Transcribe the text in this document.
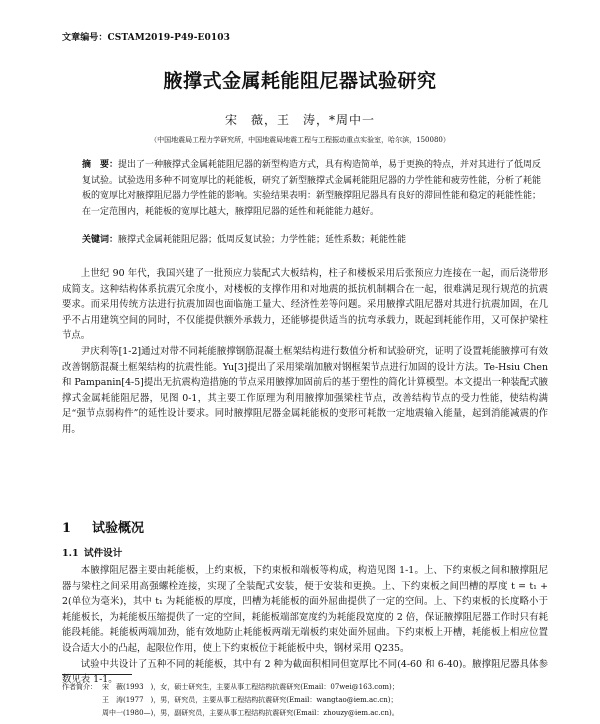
文章编号：CSTAM2019-P49-E0103
腋撑式金属耗能阻尼器试验研究
宋　薇，王　涛，*周中一
（中国地震局工程力学研究所，中国地震局地震工程与工程振动重点实验室，哈尔滨，150080）
摘　要：提出了一种腋撑式金属耗能阻尼器的新型构造方式，具有构造简单，易于更换的特点，并对其进行了低周反复试验。试验选用多种不同宽厚比的耗能板，研究了新型腋撑式金属耗能阻尼器的力学性能和疲劳性能，分析了耗能板的宽厚比对腋撑阻尼器力学性能的影响。实验结果表明：新型腋撑阻尼器具有良好的滞回性能和稳定的耗能性能；在一定范围内，耗能板的宽厚比越大，腋撑阻尼器的延性和耗能能力越好。
关键词：腋撑式金属耗能阻尼器；低周反复试验；力学性能；延性系数；耗能性能

上世纪 90 年代，我国兴建了一批预应力装配式大板结构，柱子和楼板采用后张预应力连接在一起，而后浇带形成简支。这种结构体系抗震冗余度小，对楼板的支撑作用和对地震的抵抗机制耦合在一起，很难满足现行规范的抗震要求。而采用传统方法进行抗震加固也面临施工量大、经济性差等问题。采用腋撑式阻尼器对其进行抗震加固，在几乎不占用建筑空间的同时，不仅能提供额外承载力，还能够提供适当的抗弯承载力，既起到耗能作用，又可保护梁柱节点。

尹庆利等[1-2]通过对带不同耗能腋撑钢筋混凝土框架结构进行数值分析和试验研究，证明了设置耗能腋撑可有效改善钢筋混凝土框架结构的抗震性能。Yu[3]提出了采用梁端加腋对钢框架节点进行加固的设计方法。Te-Hsiu Chen 和 Pampanin[4-5]提出无抗震构造措施的节点采用腋撑加固前后的基于塑性的简化计算模型。本文提出一种装配式腋撑式金属耗能阻尼器，见图 0-1，其主要工作原理为利用腋撑加强梁柱节点，改善结构节点的受力性能，使结构满足“强节点弱构件”的延性设计要求。同时腋撑阻尼器金属耗能板的变形可耗散一定地震输入能量，起到消能减震的作用。

1 试验概况
1.1 试件设计

本腋撑阻尼器主要由耗能板，上约束板，下约束板和端板等构成，构造见图 1-1。上、下约束板之间和腋撑阻尼器与梁柱之间采用高强螺栓连接，实现了全装配式安装，便于安装和更换。上、下约束板之间凹槽的厚度 t = t₁ + 2(单位为毫米)，其中 t₁ 为耗能板的厚度，凹槽为耗能板的面外屈曲提供了一定的空间。上、下约束板的长度略小于耗能板长，为耗能板压缩提供了一定的空间，耗能板端部宽度约为耗能段宽度的 2 倍，保证腋撑阻尼器工作时只有耗能段耗能。耗能板两端加劲，能有效地防止耗能板两端无端板约束处面外屈曲。下约束板上开槽，耗能板上相应位置设合适大小的凸起，起限位作用，使上下约束板位于耗能板中央，钢材采用 Q235。

试验中共设计了五种不同的耗能板，其中有 2 种为截面积相同但宽厚比不同(4-60 和 6-40)。腋撑阻尼器具体参数见表 1-1。

作者简介： 宋　薇(1993　)，女，硕士研究生，主要从事工程结构抗震研究(Email：07wei@163.com)；
王　涛(1977　)，男，研究员，主要从事工程结构抗震研究(Email：wangtao@iem.ac.cn)；
周中一(1980—)，男，副研究员，主要从事工程结构抗震研究(Email：zhouzy@iem.ac.cn)。
